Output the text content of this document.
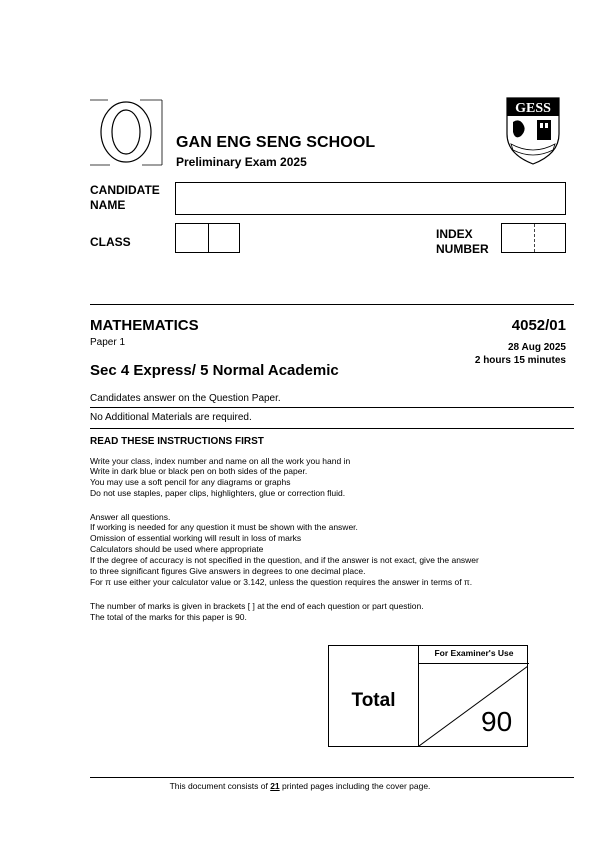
GESS
GAN ENG SENG SCHOOL
Preliminary Exam 2025
CANDIDATE
NAME
CLASS
INDEX
NUMBER
MATHEMATICS
Paper 1
4052/01
28 Aug 2025
2 hours 15 minutes
Sec 4 Express/ 5 Normal Academic
Candidates answer on the Question Paper.
No Additional Materials are required.
READ THESE INSTRUCTIONS FIRST
Write your class, index number and name on all the work you hand in
Write in dark blue or black pen on both sides of the paper.
You may use a soft pencil for any diagrams or graphs
Do not use staples, paper clips, highlighters, glue or correction fluid.
Answer all questions.
If working is needed for any question it must be shown with the answer.
Omission of essential working will result in loss of marks
Calculators should be used where appropriate
If the degree of accuracy is not specified in the question, and if the answer is not exact, give the answer
to three significant figures Give answers in degrees to one decimal place.
For π use either your calculator value or 3.142, unless the question requires the answer in terms of π.
The number of marks is given in brackets [ ] at the end of each question or part question.
The total of the marks for this paper is 90.
For Examiner's Use
Total
90
This document consists of 21 printed pages including the cover page.
